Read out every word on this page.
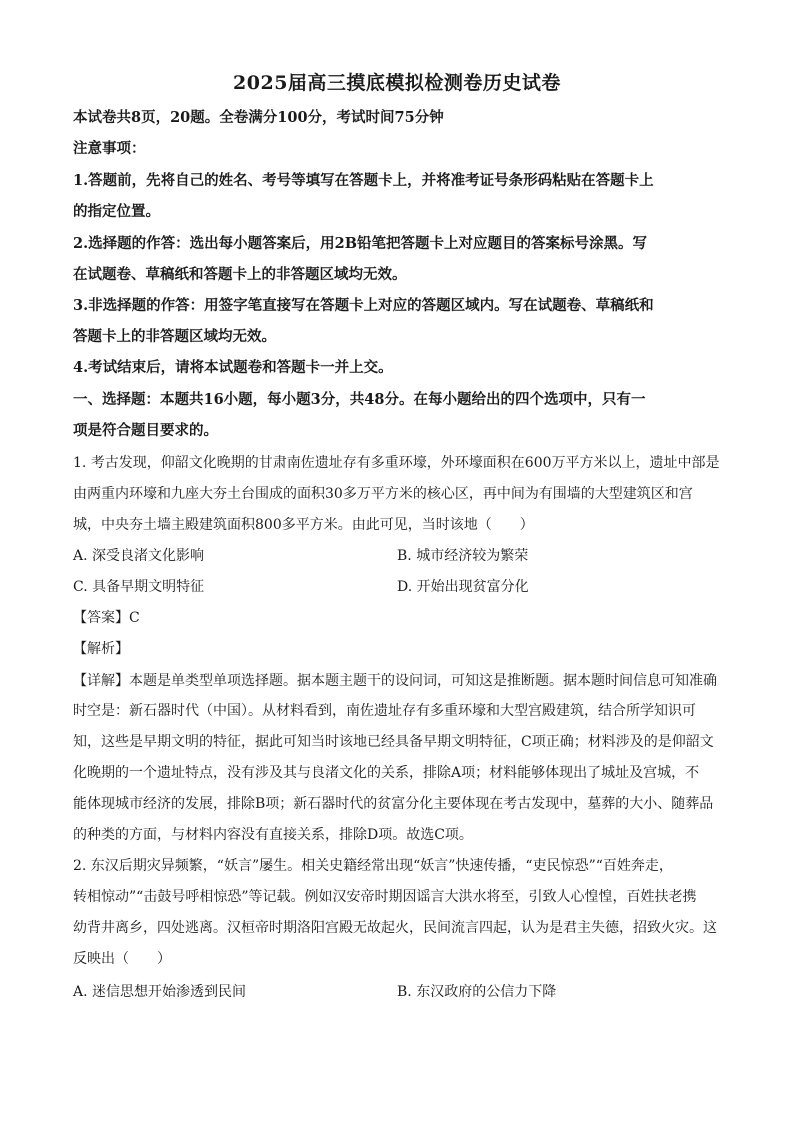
2025届高三摸底模拟检测卷历史试卷
本试卷共8页，20题。全卷满分100分，考试时间75分钟
注意事项：
1.答题前，先将自己的姓名、考号等填写在答题卡上，并将准考证号条形码粘贴在答题卡上
的指定位置。
2.选择题的作答：选出每小题答案后，用2B铅笔把答题卡上对应题目的答案标号涂黑。写
在试题卷、草稿纸和答题卡上的非答题区域均无效。
3.非选择题的作答：用签字笔直接写在答题卡上对应的答题区域内。写在试题卷、草稿纸和
答题卡上的非答题区域均无效。
4.考试结束后，请将本试题卷和答题卡一并上交。
一、选择题：本题共16小题，每小题3分，共48分。在每小题给出的四个选项中，只有一
项是符合题目要求的。
1. 考古发现，仰韶文化晚期的甘肃南佐遗址存有多重环壕，外环壕面积在600万平方米以上，遗址中部是
由两重内环壕和九座大夯土台围成的面积30多万平方米的核心区，再中间为有围墙的大型建筑区和宫
城，中央夯土墙主殿建筑面积800多平方米。由此可见，当时该地（　　）
A. 深受良渚文化影响	B. 城市经济较为繁荣
C. 具备早期文明特征	D. 开始出现贫富分化
【答案】C
【解析】
【详解】本题是单类型单项选择题。据本题主题干的设问词，可知这是推断题。据本题时间信息可知准确
时空是：新石器时代（中国）。从材料看到，南佐遗址存有多重环壕和大型宫殿建筑，结合所学知识可
知，这些是早期文明的特征，据此可知当时该地已经具备早期文明特征，C项正确；材料涉及的是仰韶文
化晚期的一个遗址特点，没有涉及其与良渚文化的关系，排除A项；材料能够体现出了城址及宫城，不
能体现城市经济的发展，排除B项；新石器时代的贫富分化主要体现在考古发现中，墓葬的大小、随葬品
的种类的方面，与材料内容没有直接关系，排除D项。故选C项。
2. 东汉后期灾异频繁，“妖言”屡生。相关史籍经常出现“妖言”快速传播，“吏民惊恐”“百姓奔走，
转相惊动”“击鼓号呼相惊恐”等记载。例如汉安帝时期因谣言大洪水将至，引致人心惶惶，百姓扶老携
幼背井离乡，四处逃离。汉桓帝时期洛阳宫殿无故起火，民间流言四起，认为是君主失德，招致火灾。这
反映出（　　）
A. 迷信思想开始渗透到民间	B. 东汉政府的公信力下降
